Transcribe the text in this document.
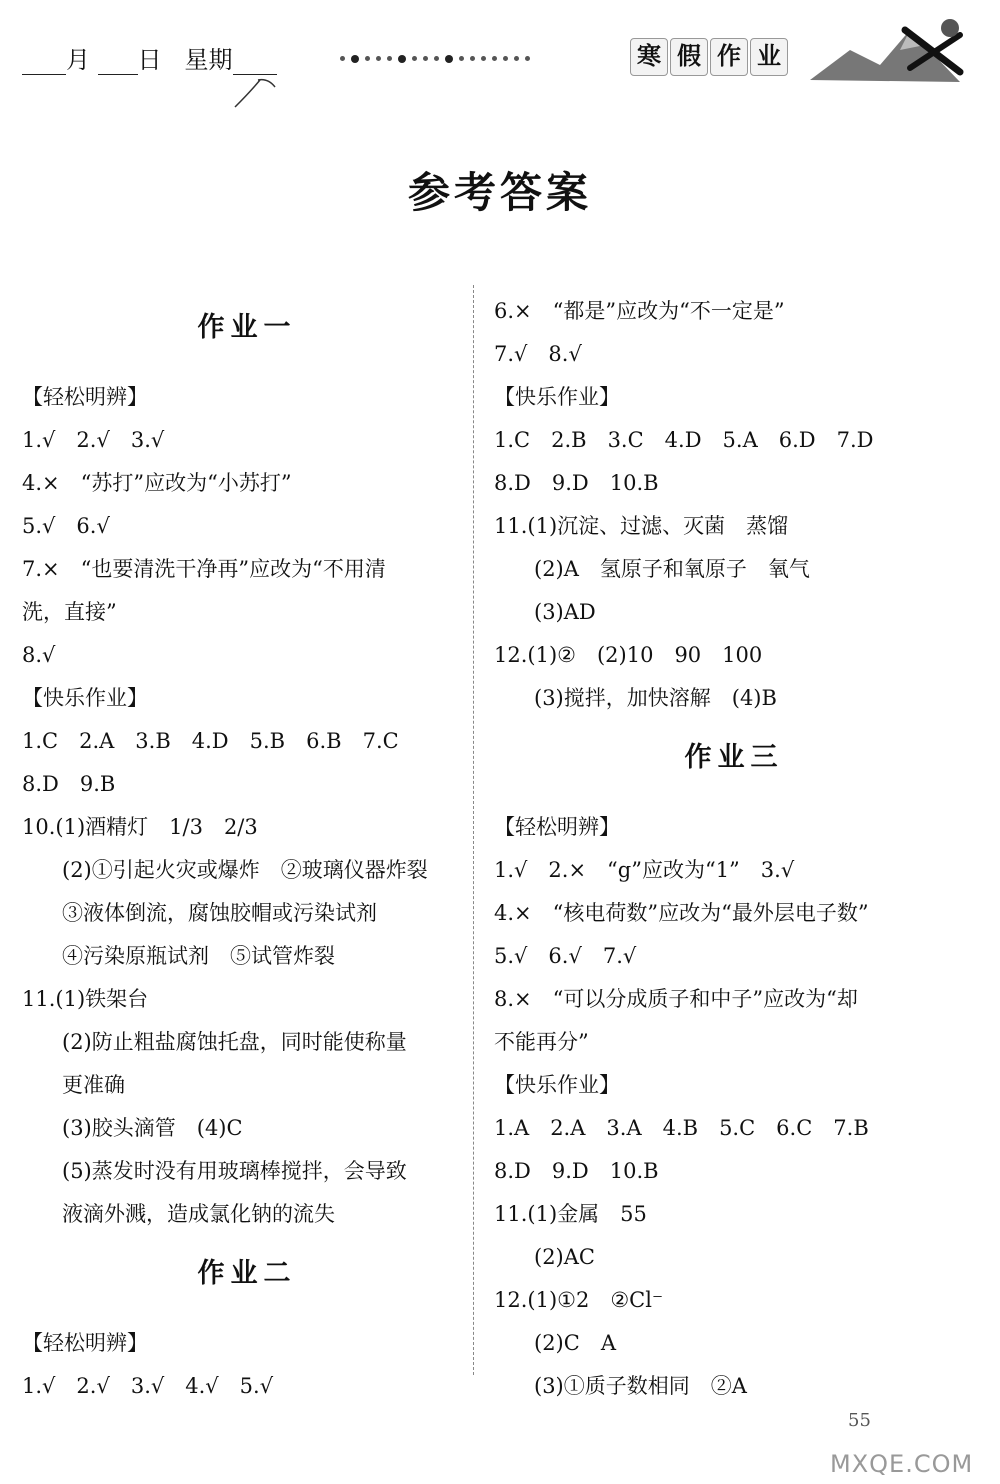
月 日 星期	寒 假 作 业
参考答案
作业一
【轻松明辨】
1.√　2.√　3.√
4.×　“苏打”应改为“小苏打”
5.√　6.√
7.×　“也要清洗干净再”应改为“不用清
洗，直接”
8.√
【快乐作业】
1.C　2.A　3.B　4.D　5.B　6.B　7.C
8.D　9.B
10.(1)酒精灯　1/3　2/3
(2)①引起火灾或爆炸　②玻璃仪器炸裂
③液体倒流，腐蚀胶帽或污染试剂
④污染原瓶试剂　⑤试管炸裂
11.(1)铁架台
(2)防止粗盐腐蚀托盘，同时能使称量
更准确
(3)胶头滴管　(4)C
(5)蒸发时没有用玻璃棒搅拌，会导致
液滴外溅，造成氯化钠的流失
作业二
【轻松明辨】
1.√　2.√　3.√　4.√　5.√
6.×　“都是”应改为“不一定是”
7.√　8.√
【快乐作业】
1.C　2.B　3.C　4.D　5.A　6.D　7.D
8.D　9.D　10.B
11.(1)沉淀、过滤、灭菌　蒸馏
(2)A　氢原子和氧原子　氧气
(3)AD
12.(1)②　(2)10　90　100
(3)搅拌，加快溶解　(4)B
作业三
【轻松明辨】
1.√　2.×　“g”应改为“1”　3.√
4.×　“核电荷数”应改为“最外层电子数”
5.√　6.√　7.√
8.×　“可以分成质子和中子”应改为“却
不能再分”
【快乐作业】
1.A　2.A　3.A　4.B　5.C　6.C　7.B
8.D　9.D　10.B
11.(1)金属　55
(2)AC
12.(1)①2　②Cl⁻
(2)C　A
(3)①质子数相同　②A
55
MXQE.COM
